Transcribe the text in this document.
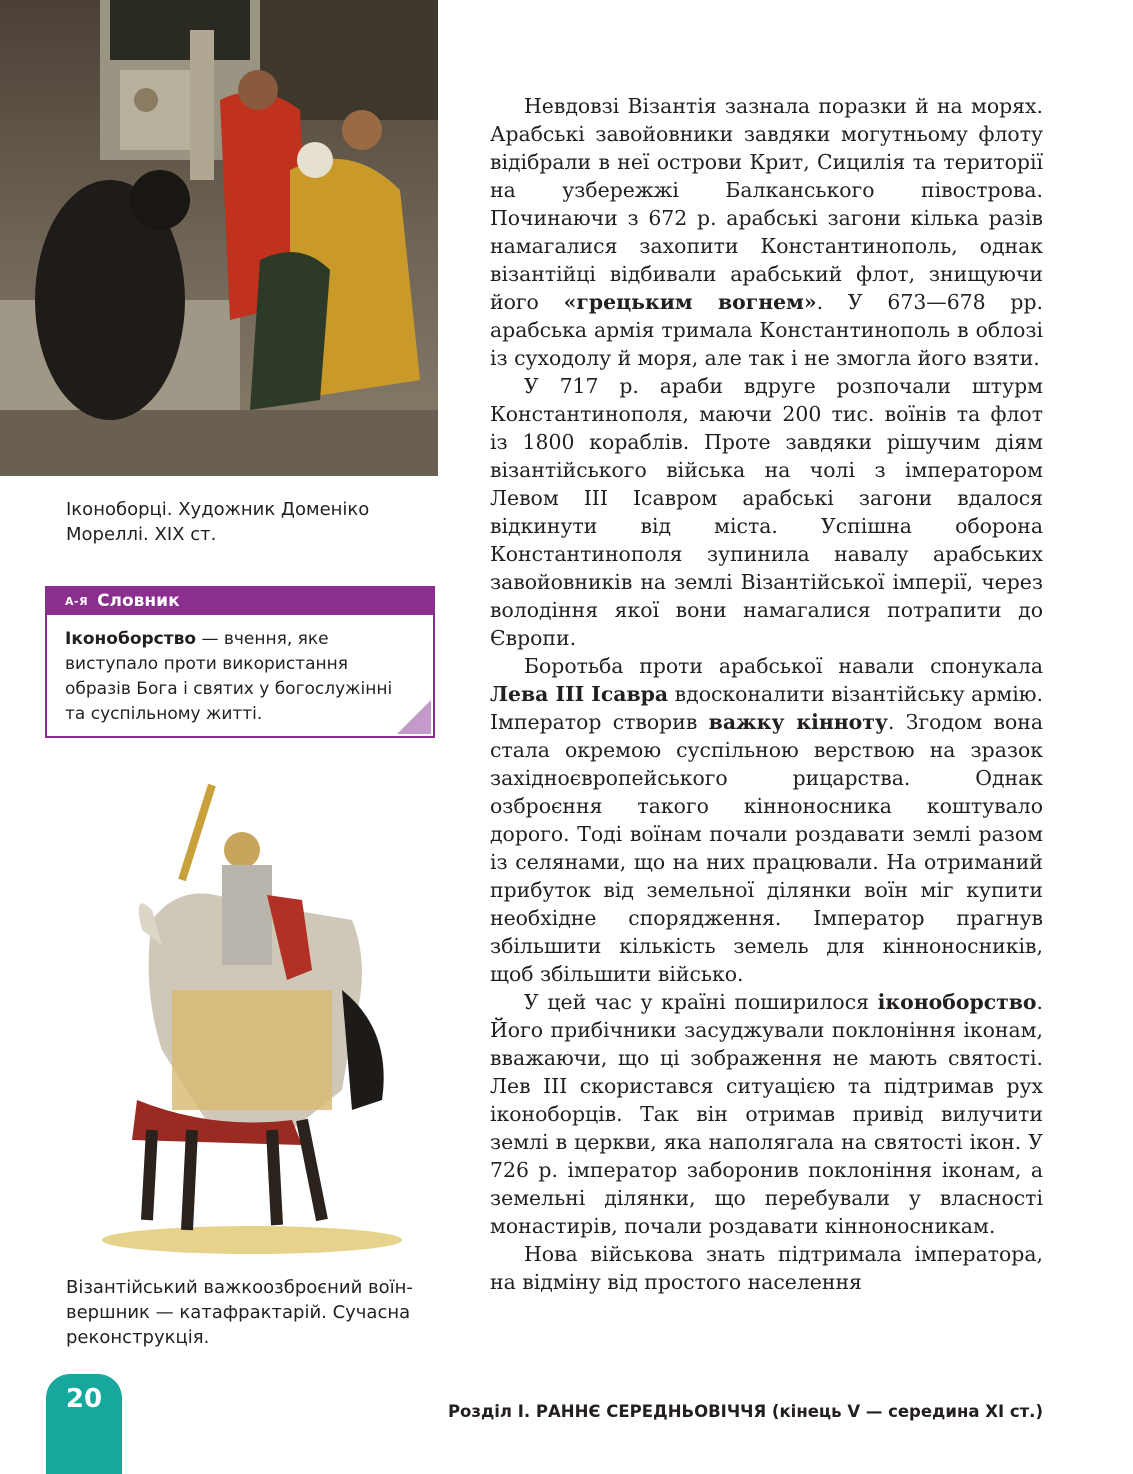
Іконоборці. Художник Доменіко Мореллі. XIX ст.
А-Я Словник
Іконоборство — вчення, яке виступало проти використання образів Бога і святих у богослужінні та суспільному житті.
Візантійський важкоозброєний воїн-вершник — катафрактарій. Сучасна реконструкція.

Невдовзі Візантія зазнала поразки й на морях. Арабські завойовники завдяки могутньому флоту відібрали в неї острови Крит, Сицилія та території на узбережжі Балканського півострова. Починаючи з 672 р. арабські загони кілька разів намагалися захопити Константинополь, однак візантійці відбивали арабський флот, знищуючи його «грецьким вогнем». У 673—678 рр. арабська армія тримала Константинополь в облозі із суходолу й моря, але так і не змогла його взяти.

У 717 р. араби вдруге розпочали штурм Константинополя, маючи 200 тис. воїнів та флот із 1800 кораблів. Проте завдяки рішучим діям візантійського війська на чолі з імператором Левом III Ісавром арабські загони вдалося відкинути від міста. Успішна оборона Константинополя зупинила навалу арабських завойовників на землі Візантійської імперії, через володіння якої вони намагалися потрапити до Європи.

Боротьба проти арабської навали спонукала Лева III Ісавра вдосконалити візантійську армію. Імператор створив важку кінноту. Згодом вона стала окремою суспільною верствою на зразок західноєвропейського рицарства. Однак озброєння такого кінноносника коштувало дорого. Тоді воїнам почали роздавати землі разом із селянами, що на них працювали. На отриманий прибуток від земельної ділянки воїн міг купити необхідне спорядження. Імператор прагнув збільшити кількість земель для кінноносників, щоб збільшити військо.

У цей час у країні поширилося іконоборство. Його прибічники засуджували поклоніння іконам, вважаючи, що ці зображення не мають святості. Лев III скористався ситуацією та підтримав рух іконоборців. Так він отримав привід вилучити землі в церкви, яка наполягала на святості ікон. У 726 р. імператор заборонив поклоніння іконам, а земельні ділянки, що перебували у власності монастирів, почали роздавати кінноносникам.

Нова військова знать підтримала імператора, на відміну від простого населення

20	Розділ І. РАННЄ СЕРЕДНЬОВІЧЧЯ (кінець V — середина XI ст.)
